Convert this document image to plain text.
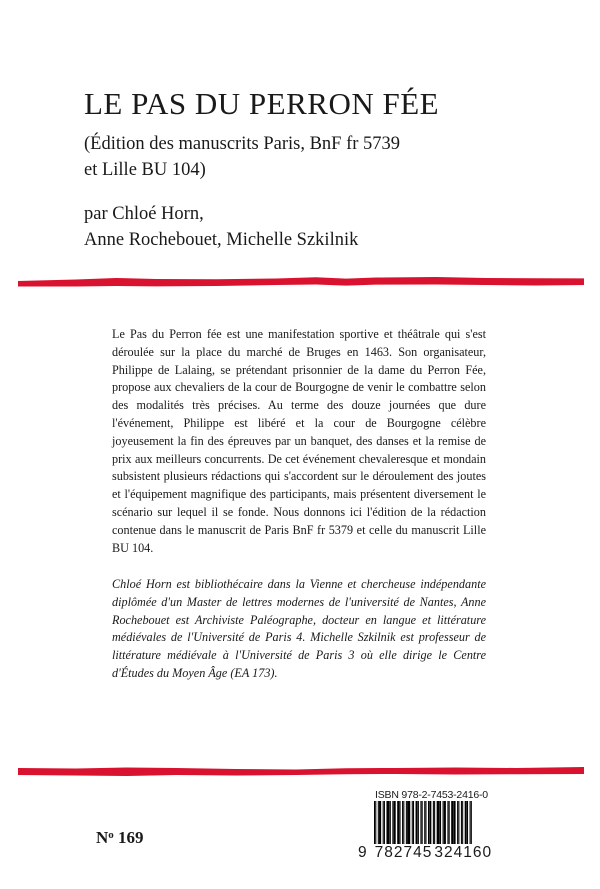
LE PAS DU PERRON FÉE
(Édition des manuscrits Paris, BnF fr 5739
et Lille BU 104)
par Chloé Horn,
Anne Rochebouet, Michelle Szkilnik
Le Pas du Perron fée est une manifestation sportive et théâtrale qui s'est déroulée sur la place du marché de Bruges en 1463. Son organisateur, Philippe de Lalaing, se prétendant prisonnier de la dame du Perron Fée, propose aux chevaliers de la cour de Bourgogne de venir le combattre selon des modalités très précises. Au terme des douze journées que dure l'événement, Philippe est libéré et la cour de Bourgogne célèbre joyeusement la fin des épreuves par un banquet, des danses et la remise de prix aux meilleurs concurrents. De cet événement chevaleresque et mondain subsistent plusieurs rédactions qui s'accordent sur le déroulement des joutes et l'équipement magnifique des participants, mais présentent diversement le scénario sur lequel il se fonde. Nous donnons ici l'édition de la rédaction contenue dans le manuscrit de Paris BnF fr 5379 et celle du manuscrit Lille BU 104.
Chloé Horn est bibliothécaire dans la Vienne et chercheuse indépendante diplômée d'un Master de lettres modernes de l'université de Nantes, Anne Rochebouet est Archiviste Paléographe, docteur en langue et littérature médiévales de l'Université de Paris 4. Michelle Szkilnik est professeur de littérature médiévale à l'Université de Paris 3 où elle dirige le Centre d'Études du Moyen Âge (EA 173).
$N^o$ 169
ISBN 978-2-7453-2416-0
9 782745 324160
